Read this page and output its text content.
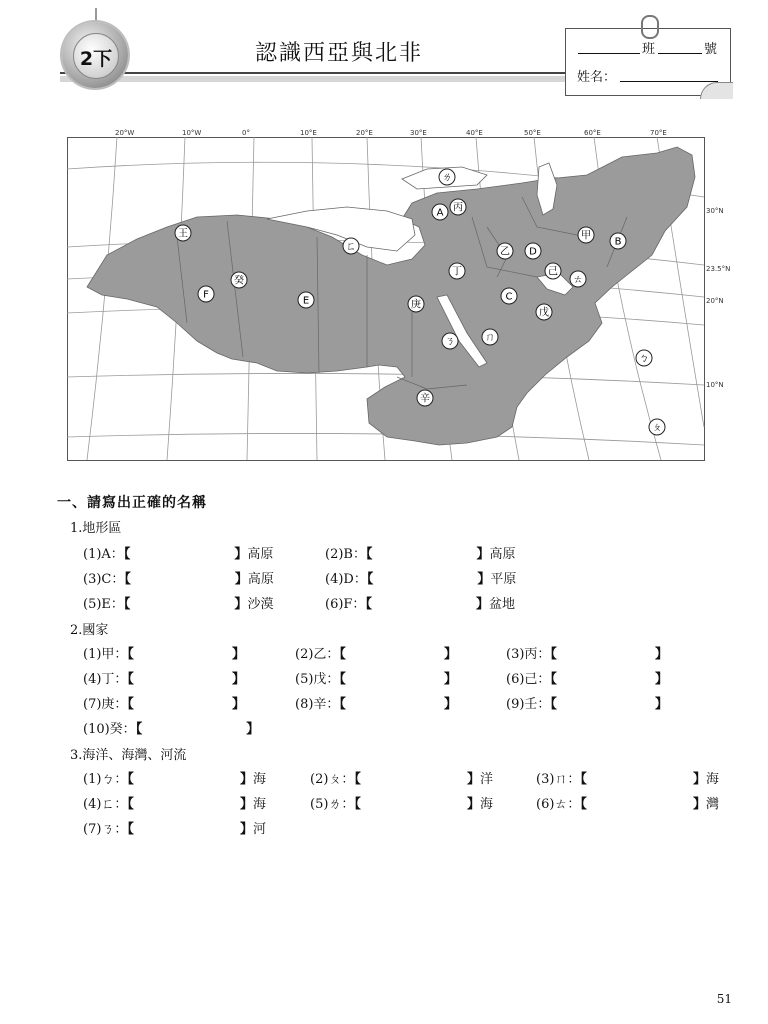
2下	認識西亞與北非	班	號
姓名：
ㄌ
A 丙
王
ㄈ
甲
B
乙 D
丁	己
ㄊ
癸
F
E	C
庚
戊
ㄋ	ㄇ
ㄅ
辛
ㄆ
20°W	10°W	0°	10°E	20°E	30°E	40°E	50°E	60°E	70°E
30°N
23.5°N
20°N
10°N
一、請寫出正確的名稱
1.地形區
2.國家
3.海洋、海灣、河流
(1)A：【	】高原	(2)B：【	】高原
(3)C：【	】高原	(4)D：【	】平原
(5)E：【	】沙漠	(6)F：【	】盆地
(1)甲：【	】	(2)乙：【	】	(3)丙：【	】
(4)丁：【	】	(5)戊：【	】	(6)己：【	】
(7)庚：【	】	(8)辛：【	】	(9)壬：【	】
(10)癸：【	】
(1)ㄅ：【	】海	(2)ㄆ：【	】洋	(3)ㄇ：【	】海
(4)ㄈ：【	】海	(5)ㄌ：【	】海	(6)ㄊ：【	】灣
(7)ㄋ：【	】河
51
